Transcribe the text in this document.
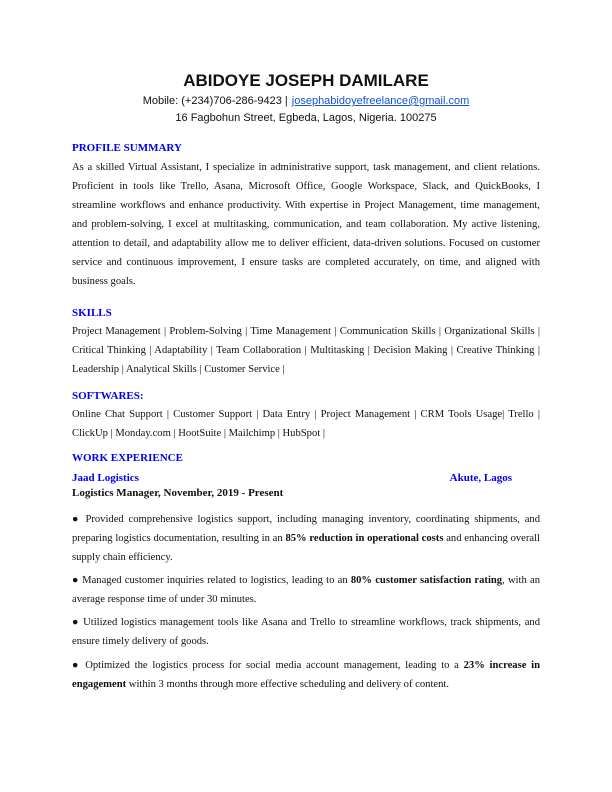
ABIDOYE JOSEPH DAMILARE
Mobile: (+234)706-286-9423 | josephabidoyefreelance@gmail.com
16 Fagbohun Street, Egbeda, Lagos, Nigeria. 100275
PROFILE SUMMARY
As a skilled Virtual Assistant, I specialize in administrative support, task management, and client relations. Proficient in tools like Trello, Asana, Microsoft Office, Google Workspace, Slack, and QuickBooks, I streamline workflows and enhance productivity. With expertise in Project Management, time management, and problem-solving, I excel at multitasking, communication, and team collaboration. My active listening, attention to detail, and adaptability allow me to deliver efficient, data-driven solutions. Focused on customer service and continuous improvement, I ensure tasks are completed accurately, on time, and aligned with business goals.
SKILLS
Project Management | Problem-Solving | Time Management | Communication Skills | Organizational Skills | Critical Thinking | Adaptability | Team Collaboration | Multitasking | Decision Making | Creative Thinking | Leadership | Analytical Skills | Customer Service |
SOFTWARES:
Online Chat Support | Customer Support | Data Entry | Project Management | CRM Tools Usage| Trello | ClickUp | Monday.com | HootSuite | Mailchimp | HubSpot |
WORK EXPERIENCE
Jaad Logistics	Akute, Lagos
Logistics Manager, November, 2019 - Present
● Provided comprehensive logistics support, including managing inventory, coordinating shipments, and preparing logistics documentation, resulting in an 85% reduction in operational costs and enhancing overall supply chain efficiency.
● Managed customer inquiries related to logistics, leading to an 80% customer satisfaction rating, with an average response time of under 30 minutes.
● Utilized logistics management tools like Asana and Trello to streamline workflows, track shipments, and ensure timely delivery of goods.
● Optimized the logistics process for social media account management, leading to a 23% increase in engagement within 3 months through more effective scheduling and delivery of content.
